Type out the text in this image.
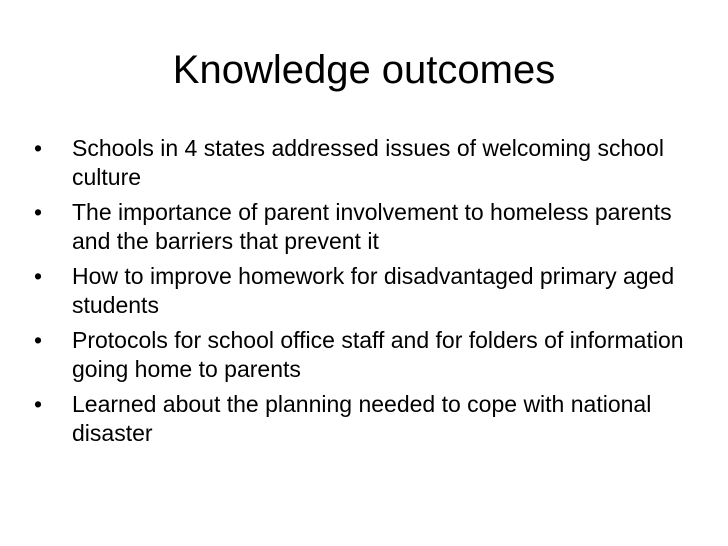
Knowledge outcomes
•	Schools in 4 states addressed issues of welcoming school culture
•	The importance of parent involvement to homeless parents and the barriers that prevent it
•	How to improve homework for disadvantaged primary aged students
•	Protocols for school office staff and for folders of information going home to parents
•	Learned about the planning needed to cope with national disaster
